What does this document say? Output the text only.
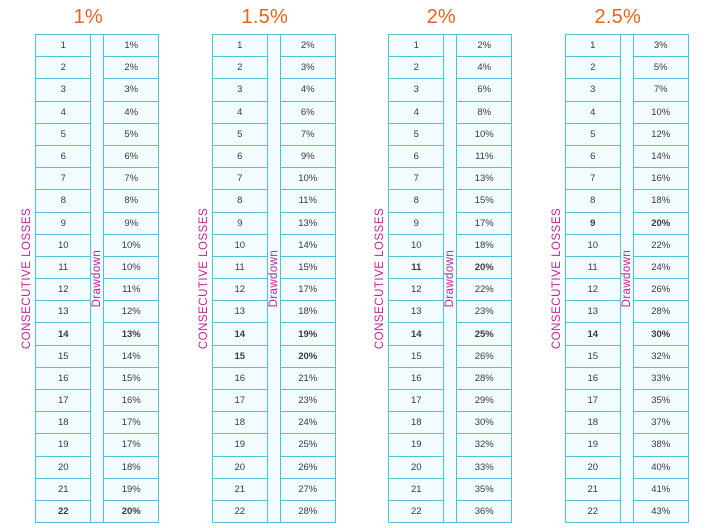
1%
CONSECUTIVE LOSSES
1	Drawdown	1%
2		2%
3		3%
4		4%
5		5%
6		6%
7		7%
8		8%
9		9%
10		10%
11		10%
12		11%
13		12%
14		13%
15		14%
16		15%
17		16%
18		17%
19		17%
20		18%
21		19%
22		20%
1.5%
CONSECUTIVE LOSSES
1	Drawdown	2%
2		3%
3		4%
4		6%
5		7%
6		9%
7		10%
8		11%
9		13%
10		14%
11		15%
12		17%
13		18%
14		19%
15		20%
16		21%
17		23%
18		24%
19		25%
20		26%
21		27%
22		28%
2%
CONSECUTIVE LOSSES
1	Drawdown	2%
2		4%
3		6%
4		8%
5		10%
6		11%
7		13%
8		15%
9		17%
10		18%
11		20%
12		22%
13		23%
14		25%
15		26%
16		28%
17		29%
18		30%
19		32%
20		33%
21		35%
22		36%
2.5%
CONSECUTIVE LOSSES
1	Drawdown	3%
2		5%
3		7%
4		10%
5		12%
6		14%
7		16%
8		18%
9		20%
10		22%
11		24%
12		26%
13		28%
14		30%
15		32%
16		33%
17		35%
18		37%
19		38%
20		40%
21		41%
22		43%
